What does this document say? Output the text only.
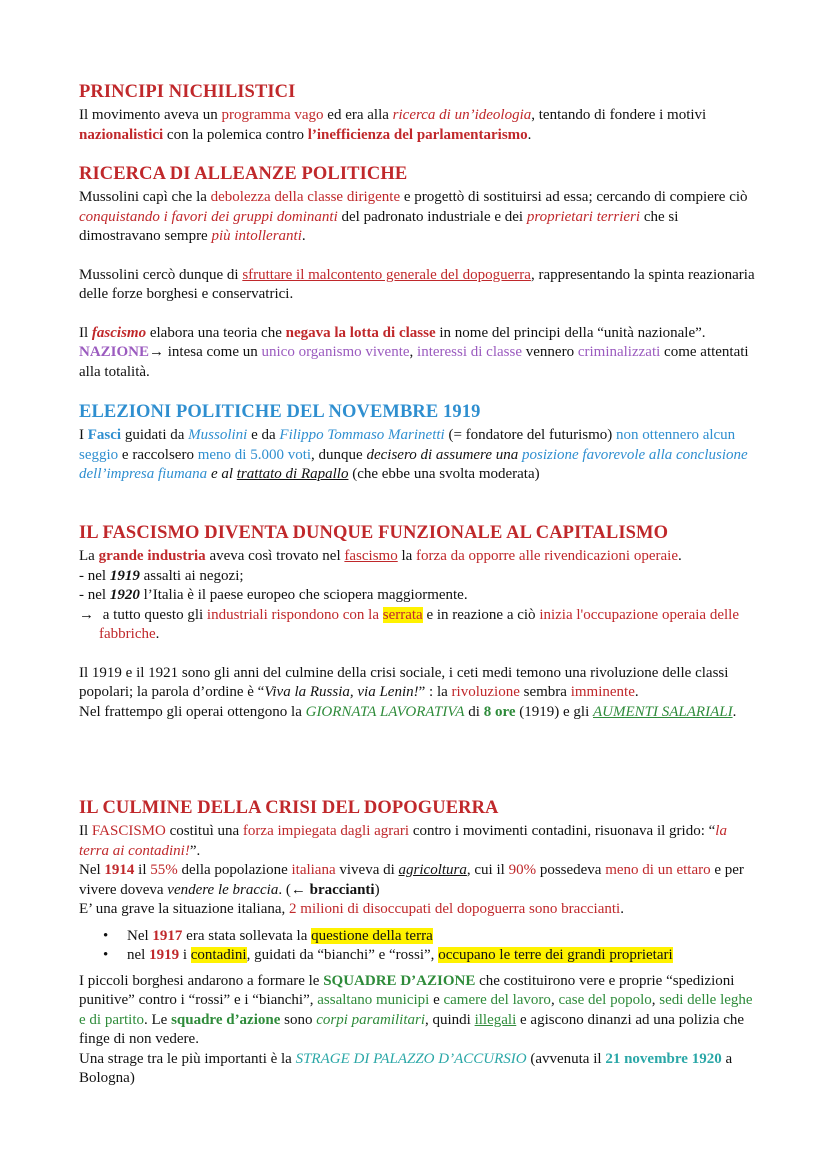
PRINCIPI NICHILISTICI

Il movimento aveva un programma vago ed era alla ricerca di un’ideologia, tentando di fondere i motivi nazionalistici con la polemica contro l’inefficienza del parlamentarismo.

RICERCA DI ALLEANZE POLITICHE

Mussolini capì che la debolezza della classe dirigente e progettò di sostituirsi ad essa; cercando di compiere ciò conquistando i favori dei gruppi dominanti del padronato industriale e dei proprietari terrieri che si dimostravano sempre più intolleranti.

Mussolini cercò dunque di sfruttare il malcontento generale del dopoguerra, rappresentando la spinta reazionaria delle forze borghesi e conservatrici.

Il fascismo elabora una teoria che negava la lotta di classe in nome del principi della “unità nazionale”. NAZIONE→ intesa come un unico organismo vivente, interessi di classe vennero criminalizzati come attentati alla totalità.

ELEZIONI POLITICHE DEL NOVEMBRE 1919

I Fasci guidati da Mussolini e da Filippo Tommaso Marinetti (= fondatore del futurismo) non ottennero alcun seggio e raccolsero meno di 5.000 voti, dunque decisero di assumere una posizione favorevole alla conclusione dell’impresa fiumana e al trattato di Rapallo (che ebbe una svolta moderata)

IL FASCISMO DIVENTA DUNQUE FUNZIONALE AL CAPITALISMO

La grande industria aveva così trovato nel fascismo la forza da opporre alle rivendicazioni operaie.

- nel 1919 assalti ai negozi;

- nel 1920 l’Italia è il paese europeo che sciopera maggiormente.

→ a tutto questo gli industriali rispondono con la serrata e in reazione a ciò inizia l'occupazione operaia delle fabbriche.

Il 1919 e il 1921 sono gli anni del culmine della crisi sociale, i ceti medi temono una rivoluzione delle classi popolari; la parola d’ordine è “Viva la Russia, via Lenin!” : la rivoluzione sembra imminente.

Nel frattempo gli operai ottengono la GIORNATA LAVORATIVA di 8 ore (1919) e gli AUMENTI SALARIALI.

IL CULMINE DELLA CRISI DEL DOPOGUERRA

Il FASCISMO costituì una forza impiegata dagli agrari contro i movimenti contadini, risuonava il grido: “la terra ai contadini!”.

Nel 1914 il 55% della popolazione italiana viveva di agricoltura, cui il 90% possedeva meno di un ettaro e per vivere doveva vendere le braccia. (← braccianti)

E’ una grave la situazione italiana, 2 milioni di disoccupati del dopoguerra sono braccianti.

• Nel 1917 era stata sollevata la questione della terra
• nel 1919 i contadini, guidati da “bianchi” e “rossi”, occupano le terre dei grandi proprietari

I piccoli borghesi andarono a formare le SQUADRE D’AZIONE che costituirono vere e proprie “spedizioni punitive” contro i “rossi” e i “bianchi”, assaltano municipi e camere del lavoro, case del popolo, sedi delle leghe e di partito. Le squadre d’azione sono corpi paramilitari, quindi illegali e agiscono dinanzi ad una polizia che finge di non vedere.

Una strage tra le più importanti è la STRAGE DI PALAZZO D’ACCURSIO (avvenuta il 21 novembre 1920 a Bologna)
